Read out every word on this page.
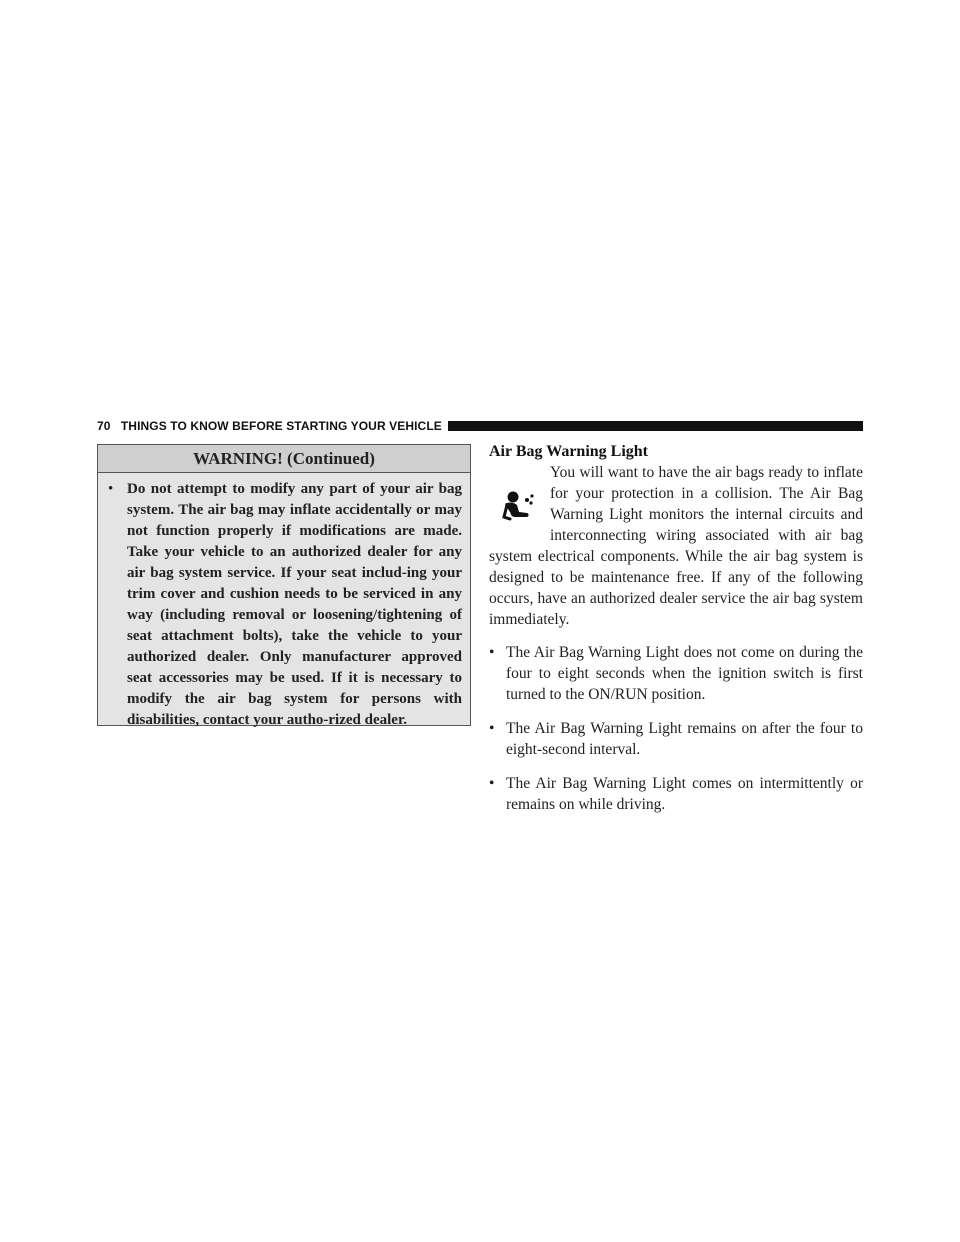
70 THINGS TO KNOW BEFORE STARTING YOUR VEHICLE
WARNING! (Continued)
• Do not attempt to modify any part of your air bag system. The air bag may inflate accidentally or may not function properly if modifications are made. Take your vehicle to an authorized dealer for any air bag system service. If your seat includ-ing your trim cover and cushion needs to be serviced in any way (including removal or loosening/tightening of seat attachment bolts), take the vehicle to your authorized dealer. Only manufacturer approved seat accessories may be used. If it is necessary to modify the air bag system for persons with disabilities, contact your autho-rized dealer.

Air Bag Warning Light

You will want to have the air bags ready to inflate for your protection in a collision. The Air Bag Warning Light monitors the internal circuits and interconnecting wiring associated with air bag system electrical components. While the air bag system is designed to be maintenance free. If any of the following occurs, have an authorized dealer service the air bag system immediately.

• The Air Bag Warning Light does not come on during the four to eight seconds when the ignition switch is first turned to the ON/RUN position.
• The Air Bag Warning Light remains on after the four to eight-second interval.
• The Air Bag Warning Light comes on intermittently or remains on while driving.
